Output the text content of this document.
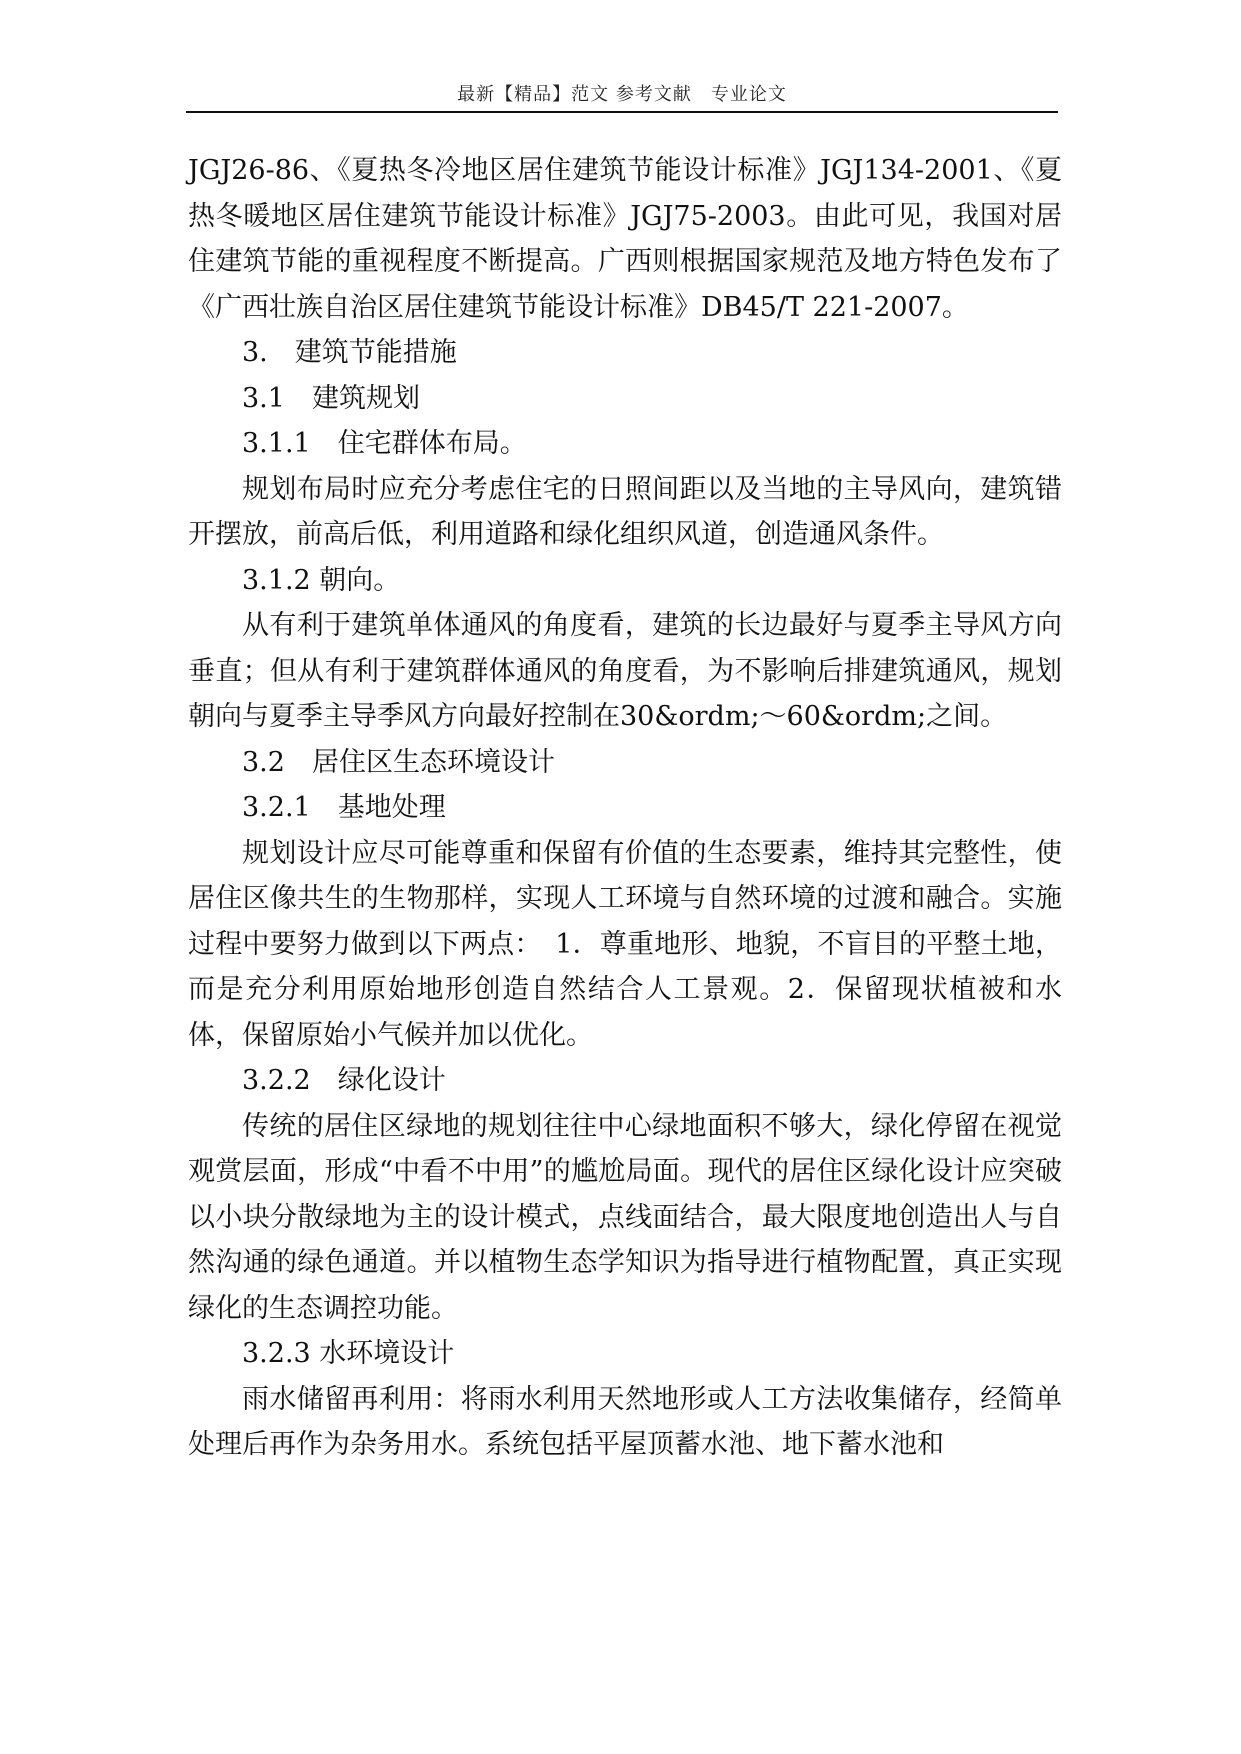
最新【精品】范文 参考文献　专业论文

JGJ26-86、《夏热冬冷地区居住建筑节能设计标准》JGJ134-2001、《夏热冬暖地区居住建筑节能设计标准》JGJ75-2003。由此可见，我国对居住建筑节能的重视程度不断提高。广西则根据国家规范及地方特色发布了《广西壮族自治区居住建筑节能设计标准》DB45/T 221-2007。

3.　建筑节能措施

3.1　建筑规划

3.1.1　住宅群体布局。

规划布局时应充分考虑住宅的日照间距以及当地的主导风向，建筑错开摆放，前高后低，利用道路和绿化组织风道，创造通风条件。

3.1.2 朝向。

从有利于建筑单体通风的角度看，建筑的长边最好与夏季主导风方向垂直；但从有利于建筑群体通风的角度看，为不影响后排建筑通风，规划朝向与夏季主导季风方向最好控制在30&ordm;～60&ordm;之间。

3.2　居住区生态环境设计

3.2.1　基地处理

规划设计应尽可能尊重和保留有价值的生态要素，维持其完整性，使居住区像共生的生物那样，实现人工环境与自然环境的过渡和融合。实施过程中要努力做到以下两点：　1．尊重地形、地貌，不盲目的平整土地，而是充分利用原始地形创造自然结合人工景观。2．保留现状植被和水体，保留原始小气候并加以优化。

3.2.2　绿化设计

传统的居住区绿地的规划往往中心绿地面积不够大，绿化停留在视觉观赏层面，形成“中看不中用”的尴尬局面。现代的居住区绿化设计应突破以小块分散绿地为主的设计模式，点线面结合，最大限度地创造出人与自然沟通的绿色通道。并以植物生态学知识为指导进行植物配置，真正实现绿化的生态调控功能。

3.2.3 水环境设计

雨水储留再利用：将雨水利用天然地形或人工方法收集储存，经简单处理后再作为杂务用水。系统包括平屋顶蓄水池、地下蓄水池和
